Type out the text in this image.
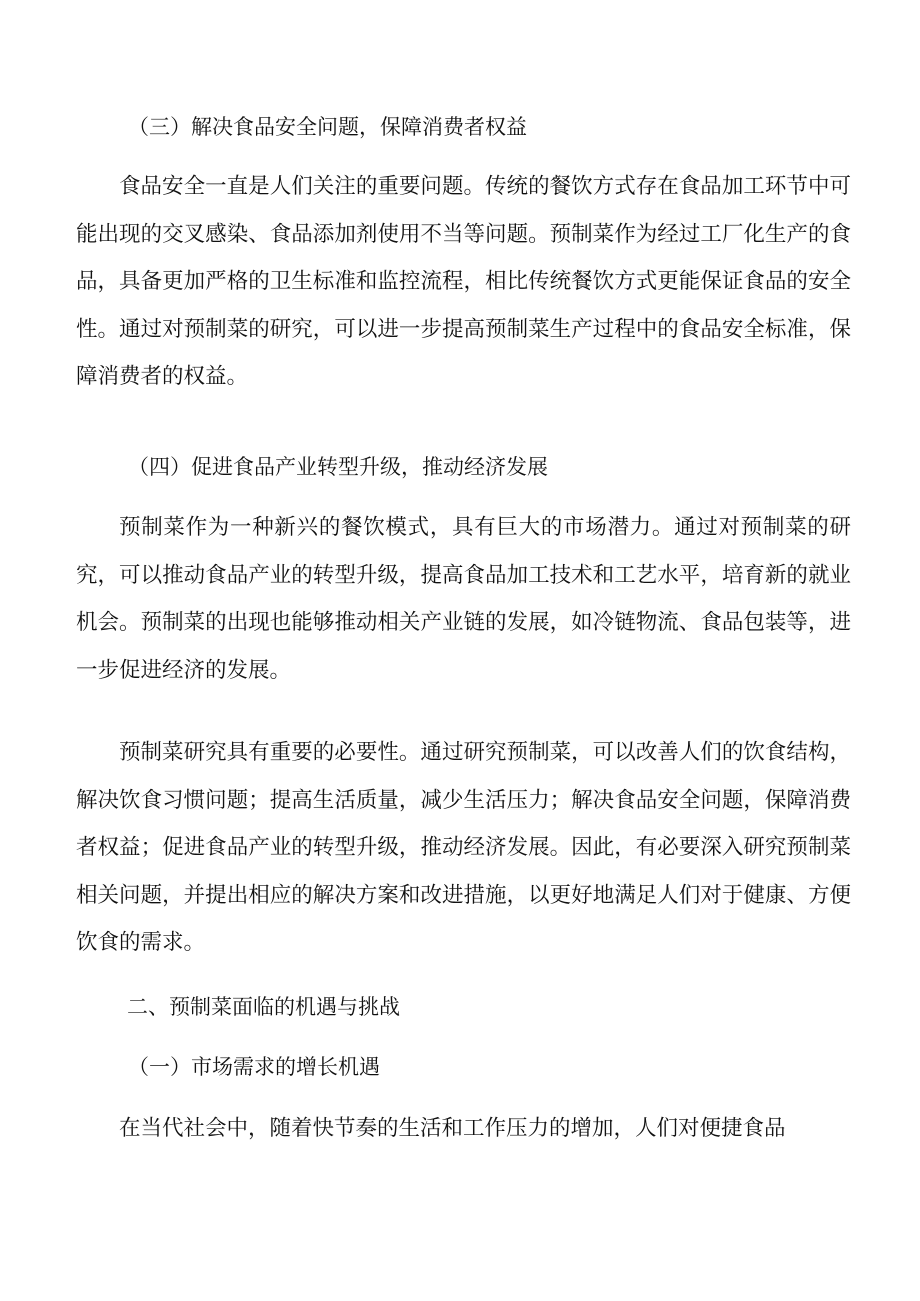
（三）解决食品安全问题，保障消费者权益

食品安全一直是人们关注的重要问题。传统的餐饮方式存在食品加工环节中可能出现的交叉感染、食品添加剂使用不当等问题。预制菜作为经过工厂化生产的食品，具备更加严格的卫生标准和监控流程，相比传统餐饮方式更能保证食品的安全性。通过对预制菜的研究，可以进一步提高预制菜生产过程中的食品安全标准，保障消费者的权益。

（四）促进食品产业转型升级，推动经济发展

预制菜作为一种新兴的餐饮模式，具有巨大的市场潜力。通过对预制菜的研究，可以推动食品产业的转型升级，提高食品加工技术和工艺水平，培育新的就业机会。预制菜的出现也能够推动相关产业链的发展，如冷链物流、食品包装等，进一步促进经济的发展。

预制菜研究具有重要的必要性。通过研究预制菜，可以改善人们的饮食结构，解决饮食习惯问题；提高生活质量，减少生活压力；解决食品安全问题，保障消费者权益；促进食品产业的转型升级，推动经济发展。因此，有必要深入研究预制菜相关问题，并提出相应的解决方案和改进措施，以更好地满足人们对于健康、方便饮食的需求。

二、预制菜面临的机遇与挑战
（一）市场需求的增长机遇

在当代社会中，随着快节奏的生活和工作压力的增加，人们对便捷食品
